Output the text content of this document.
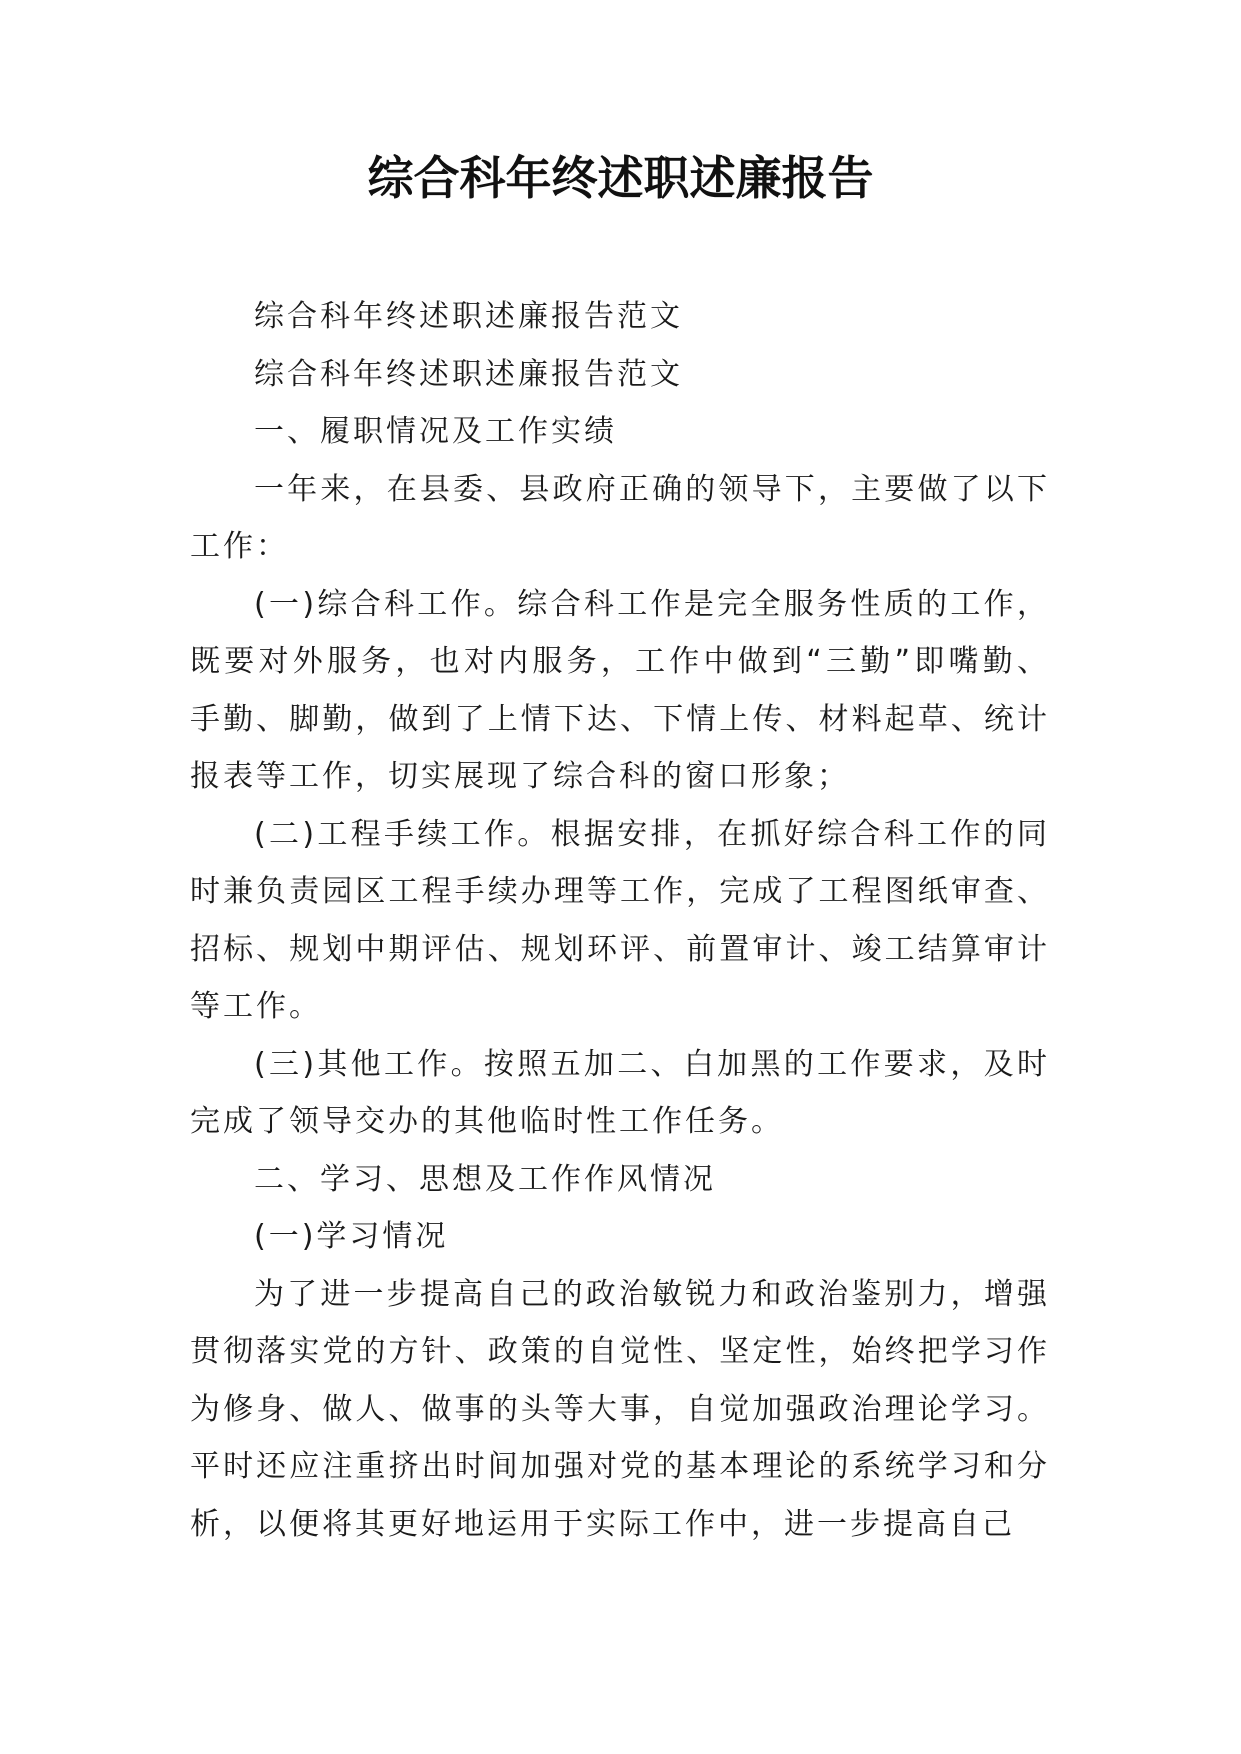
综合科年终述职述廉报告

综合科年终述职述廉报告范文

综合科年终述职述廉报告范文

一、履职情况及工作实绩

一年来，在县委、县政府正确的领导下，主要做了以下工作：

(一)综合科工作。综合科工作是完全服务性质的工作，既要对外服务，也对内服务，工作中做到“三勤”即嘴勤、手勤、脚勤，做到了上情下达、下情上传、材料起草、统计报表等工作，切实展现了综合科的窗口形象；

(二)工程手续工作。根据安排，在抓好综合科工作的同时兼负责园区工程手续办理等工作，完成了工程图纸审查、招标、规划中期评估、规划环评、前置审计、竣工结算审计等工作。

(三)其他工作。按照五加二、白加黑的工作要求，及时完成了领导交办的其他临时性工作任务。

二、学习、思想及工作作风情况

(一)学习情况

为了进一步提高自己的政治敏锐力和政治鉴别力，增强贯彻落实党的方针、政策的自觉性、坚定性，始终把学习作为修身、做人、做事的头等大事，自觉加强政治理论学习。平时还应注重挤出时间加强对党的基本理论的系统学习和分析，以便将其更好地运用于实际工作中，进一步提高自己
